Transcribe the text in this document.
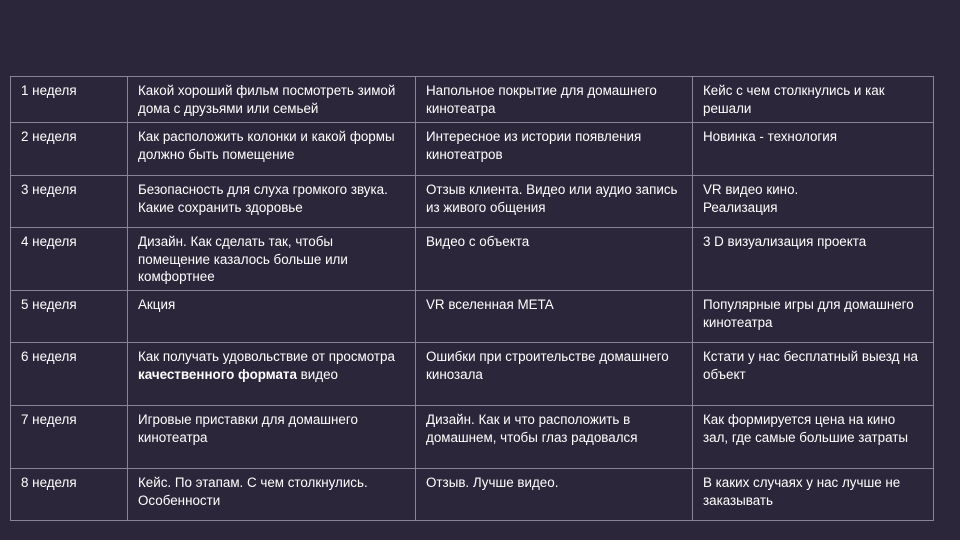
1 неделя	Какой хороший фильм посмотреть зимой дома с друзьями или семьей	Напольное покрытие для домашнего кинотеатра	Кейс с чем столкнулись и как решали
2 неделя	Как расположить колонки и какой формы должно быть помещение	Интересное из истории появления кинотеатров	Новинка - технология
3 неделя	Безопасность для слуха громкого звука. Какие сохранить здоровье	Отзыв клиента. Видео или аудио запись из живого общения	VR видео кино.
Реализация
4 неделя	Дизайн. Как сделать так, чтобы помещение казалось больше или комфортнее	Видео с объекта	3 D визуализация проекта
5 неделя	Акция	VR вселенная META	Популярные игры для домашнего кинотеатра
6 неделя	Как получать удовольствие от просмотра качественного формата видео	Ошибки при строительстве домашнего кинозала	Кстати у нас бесплатный выезд на объект
7 неделя	Игровые приставки для домашнего кинотеатра	Дизайн. Как и что расположить в домашнем, чтобы глаз радовался	Как формируется цена на кино зал, где самые большие затраты
8 неделя	Кейс. По этапам. С чем столкнулись. Особенности	Отзыв. Лучше видео.	В каких случаях у нас лучше не заказывать
